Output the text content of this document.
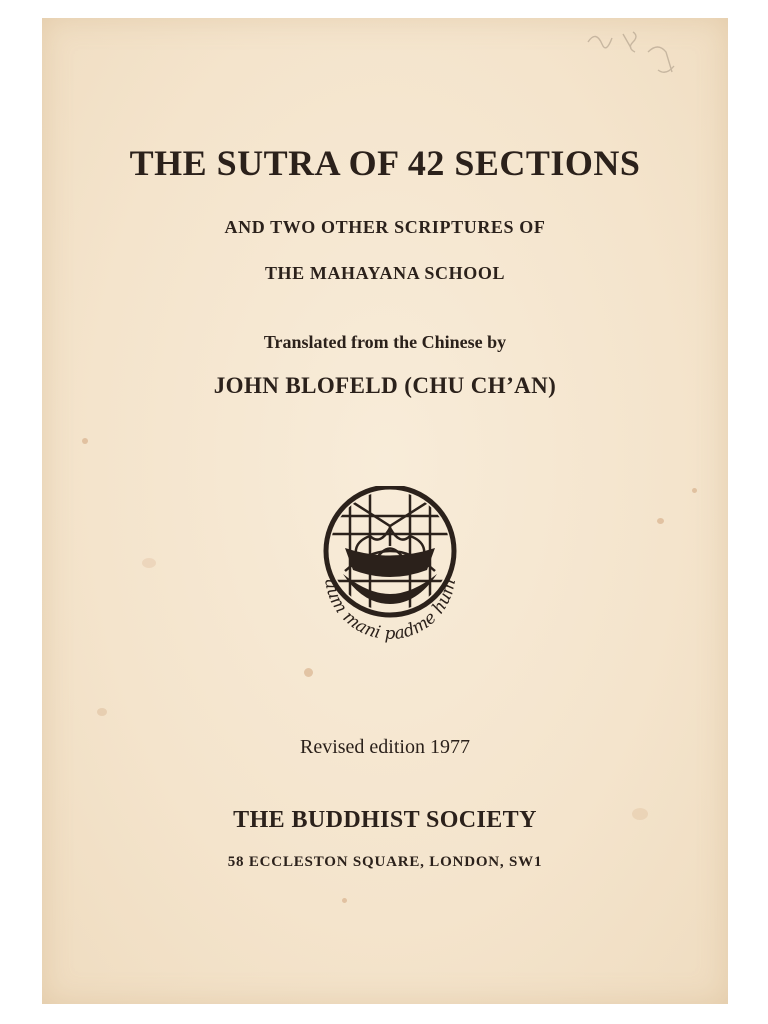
THE SUTRA OF 42 SECTIONS
AND TWO OTHER SCRIPTURES OF
THE MAHAYANA SCHOOL
Translated from the Chinese by
JOHN BLOFELD (CHU CH’AN)
aum mani padme hum
Revised edition 1977
THE BUDDHIST SOCIETY
58 ECCLESTON SQUARE, LONDON, SW1
